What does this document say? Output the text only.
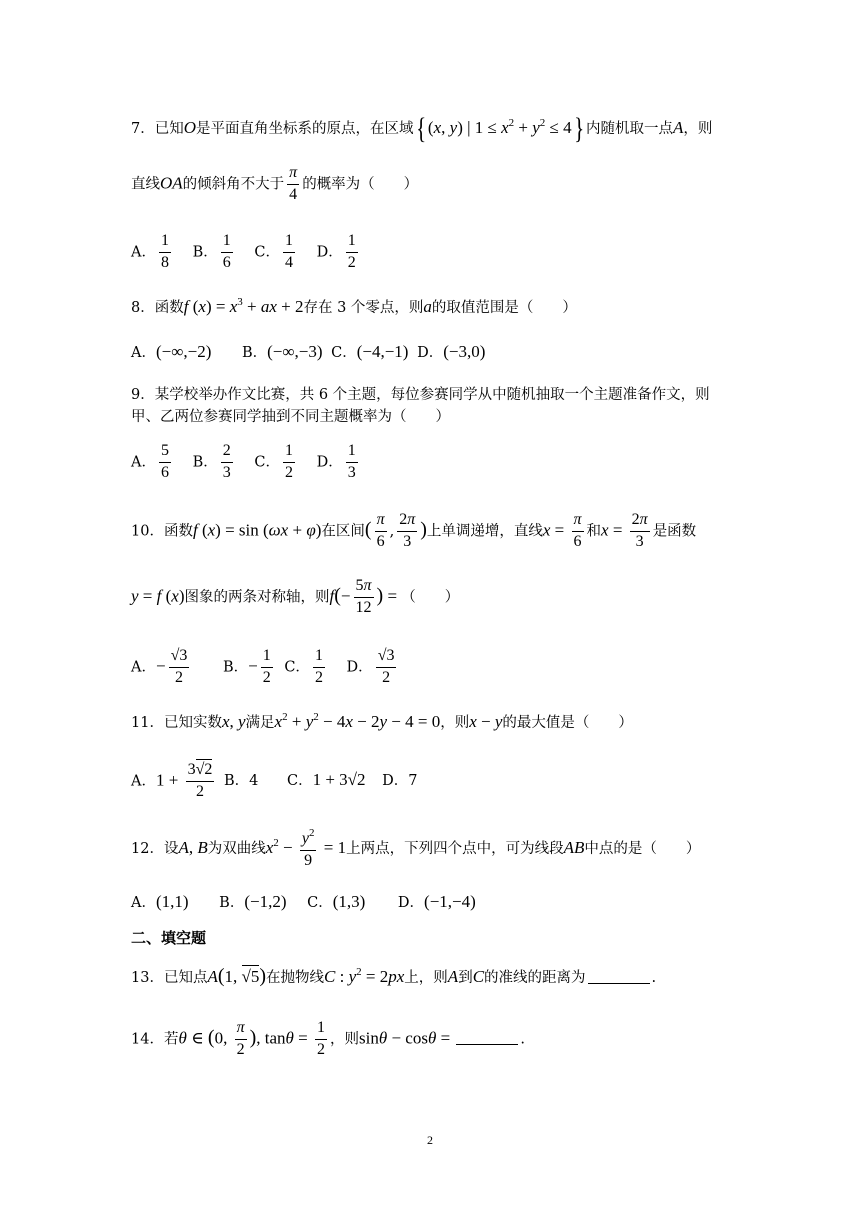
7．已知O是平面直角坐标系的原点，在区域{ (x, y) | $1 \le x^2 + y^2 \le 4$} 内随机取一点A，则
直线OA的倾斜角不大于 $\frac{\pi}{4}$ 的概率为（　　）
A． $\frac{1}{8}$ B． $\frac{1}{6}$ C． $\frac{1}{4}$ D． $\frac{1}{2}$
8．函数f $(x) = x^3$ + ax + 2存在 3 个零点，则a的取值范围是（　　）
A．(−∞,−2) B．(−∞,−3) C．(−4,−1) D．(−3,0)
9．某学校举办作文比赛，共 6 个主题，每位参赛同学从中随机抽取一个主题准备作文，则
甲、乙两位参赛同学抽到不同主题概率为（　　）
A． $\frac{5}{6}$ B． $\frac{2}{3}$ C． $\frac{1}{2}$ D． $\frac{1}{3}$
10．函数f (x) = sin (ωx + φ)在区间( $\frac{\pi}{6}$ , $\frac{2\pi}{3}$ )上单调递增，直线$x = \frac{\pi}{6}$ 和$x = \frac{2\pi}{3}$ 是函数
y = f (x)图象的两条对称轴，则$f(- \frac{5\pi}{12}$ ) = （　　）
A．− $\frac{√3}{2}$ B．− $\frac{1}{2}$ C． $\frac{1}{2}$ D． $\frac{√3}{2}$
11．已知实数x, y满足$x^2 + y^2 - 4x - 2y - 4 = 0$，则x − y的最大值是（　　）
A．$1 + \frac{3√2}{2}$ B．4 C．1 + 3√2 D．7
12．设A, B为双曲线$x^2 - \frac{y^2}{9} = 1$上两点，下列四个点中，可为线段AB中点的是（　　）
A．(1,1) B．(−1,2) C．(1,3) D．(−1,−4)
二、填空题
13．已知点A(1, √5)在抛物线C : $y^2 = 2px$上，则A到C的准线的距离为	.
14．若θ ∈ (0, $\frac{\pi}{2}$ ), $\tan\theta = \frac{1}{2}$ ，则sinθ − cosθ =	.
2
